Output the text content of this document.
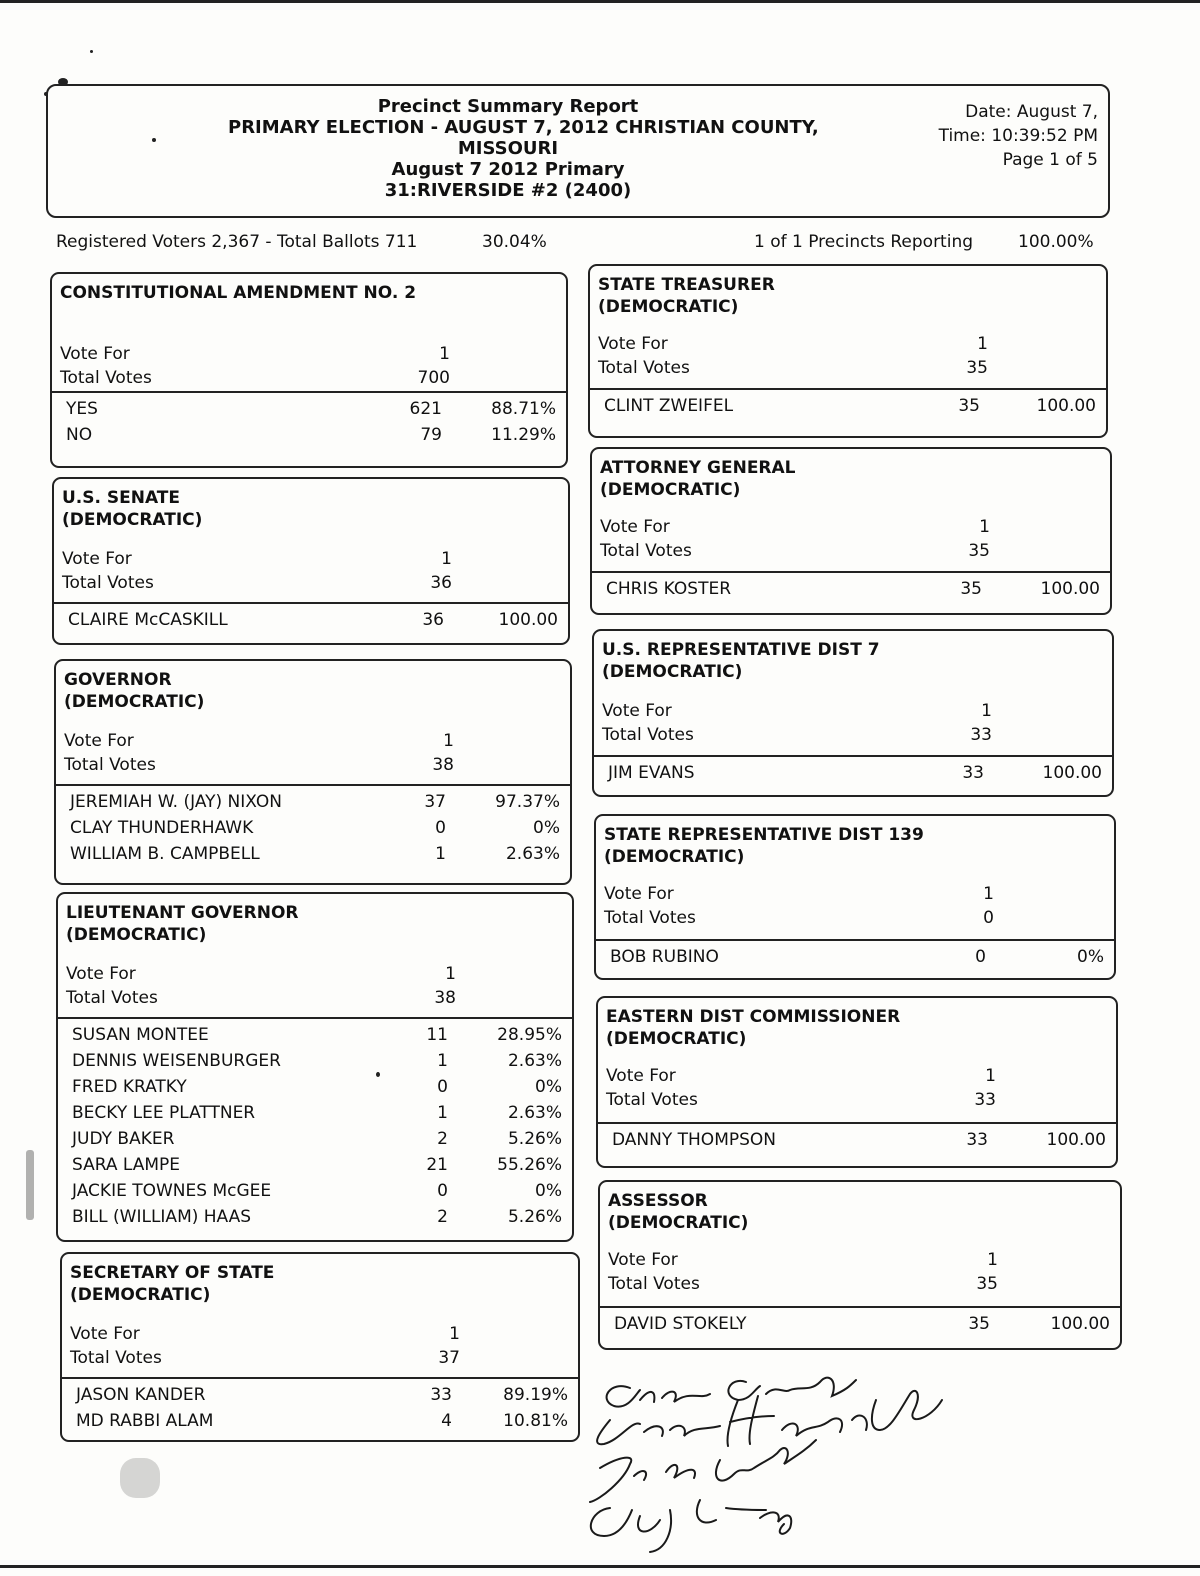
Precinct Summary Report
PRIMARY ELECTION - AUGUST 7, 2012 CHRISTIAN COUNTY,
MISSOURI
August 7 2012 Primary
31:RIVERSIDE #2 (2400)
Date: August 7,
Time: 10:39:52 PM
Page 1 of 5
Registered Voters 2,367 - Total Ballots 711	30.04%	1 of 1 Precincts Reporting	100.00%
CONSTITUTIONAL AMENDMENT NO. 2
Vote For	1
Total Votes	700
YES	621	88.71%
NO	79	11.29%
U.S. SENATE
(DEMOCRATIC)
Vote For	1
Total Votes	36
CLAIRE McCASKILL	36	100.00
GOVERNOR
(DEMOCRATIC)
Vote For	1
Total Votes	38
JEREMIAH W. (JAY) NIXON	37	97.37%
CLAY THUNDERHAWK	0	0%
WILLIAM B. CAMPBELL	1	2.63%
LIEUTENANT GOVERNOR
(DEMOCRATIC)
Vote For	1
Total Votes	38
SUSAN MONTEE	11	28.95%
DENNIS WEISENBURGER	1	2.63%
FRED KRATKY	0	0%
BECKY LEE PLATTNER	1	2.63%
JUDY BAKER	2	5.26%
SARA LAMPE	21	55.26%
JACKIE TOWNES McGEE	0	0%
BILL (WILLIAM) HAAS	2	5.26%
SECRETARY OF STATE
(DEMOCRATIC)
Vote For	1
Total Votes	37
JASON KANDER	33	89.19%
MD RABBI ALAM	4	10.81%
STATE TREASURER
(DEMOCRATIC)
Vote For	1
Total Votes	35
CLINT ZWEIFEL	35	100.00
ATTORNEY GENERAL
(DEMOCRATIC)
Vote For	1
Total Votes	35
CHRIS KOSTER	35	100.00
U.S. REPRESENTATIVE DIST 7
(DEMOCRATIC)
Vote For	1
Total Votes	33
JIM EVANS	33	100.00
STATE REPRESENTATIVE DIST 139
(DEMOCRATIC)
Vote For	1
Total Votes	0
BOB RUBINO	0	0%
EASTERN DIST COMMISSIONER
(DEMOCRATIC)
Vote For	1
Total Votes	33
DANNY THOMPSON	33	100.00
ASSESSOR
(DEMOCRATIC)
Vote For	1
Total Votes	35
DAVID STOKELY	35	100.00
